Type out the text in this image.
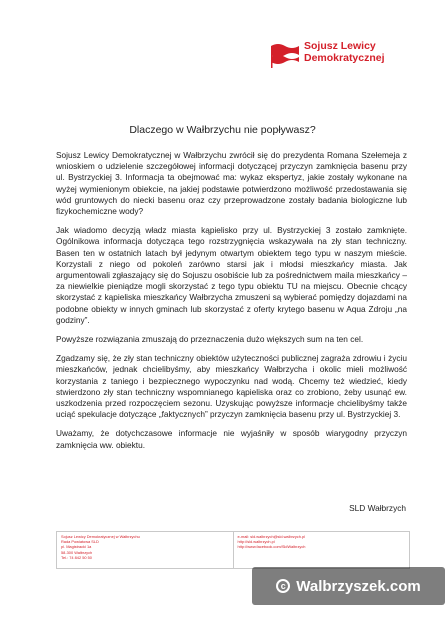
Sojusz Lewicy
Demokratycznej
Dlaczego w Wałbrzychu nie popływasz?

Sojusz Lewicy Demokratycznej w Wałbrzychu zwrócił się do prezydenta Romana Szełemeja z wnioskiem o udzielenie szczegółowej informacji dotyczącej przyczyn zamknięcia basenu przy ul. Bystrzyckiej 3. Informacja ta obejmować ma: wykaz ekspertyz, jakie zostały wykonane na wyżej wymienionym obiekcie, na jakiej podstawie potwierdzono możliwość przedostawania się wód gruntowych do niecki basenu oraz czy przeprowadzone zostały badania biologiczne lub fizykochemiczne wody?

Jak wiadomo decyzją władz miasta kąpielisko przy ul. Bystrzyckiej 3 zostało zamknięte. Ogólnikowa informacja dotycząca tego rozstrzygnięcia wskazywała na zły stan techniczny. Basen ten w ostatnich latach był jedynym otwartym obiektem tego typu w naszym mieście. Korzystali z niego od pokoleń zarówno starsi jak i młodsi mieszkańcy miasta. Jak argumentowali zgłaszający się do Sojuszu osobiście lub za pośrednictwem maila mieszkańcy – za niewielkie pieniądze mogli skorzystać z tego typu obiektu TU na miejscu. Obecnie chcący skorzystać z kąpieliska mieszkańcy Wałbrzycha zmuszeni są wybierać pomiędzy dojazdami na podobne obiekty w innych gminach lub skorzystać z oferty krytego basenu w Aqua Zdroju „na godziny”.

Powyższe rozwiązania zmuszają do przeznaczenia dużo większych sum na ten cel.

Zgadzamy się, że zły stan techniczny obiektów użyteczności publicznej zagraża zdrowiu i życiu mieszkańców, jednak chcielibyśmy, aby mieszkańcy Wałbrzycha i okolic mieli możliwość korzystania z taniego i bezpiecznego wypoczynku nad wodą. Chcemy też wiedzieć, kiedy stwierdzono zły stan techniczny wspomnianego kąpieliska oraz co zrobiono, żeby usunąć ew. uszkodzenia przed rozpoczęciem sezonu. Uzyskując powyższe informacje chcielibyśmy także uciąć spekulacje dotyczące „faktycznych” przyczyn zamknięcia basenu przy ul. Bystrzyckiej 3.

Uważamy, że dotychczasowe informacje nie wyjaśniły w sposób wiarygodny przyczyn zamknięcia ww. obiektu.

SLD Wałbrzych
Sojusz Lewicy Demokratycznej w Wałbrzychu
Rada Powiatowa SLD
pl. Magistracki 1a
58-300 Wałbrzych
Tel.: 74 842 50 50
e-mail: sld.walbrzych@sld.walbrzych.pl
http://sld.walbrzych.pl
http://www.facebook.com/SldWalbrzych
c Walbrzyszek.com
